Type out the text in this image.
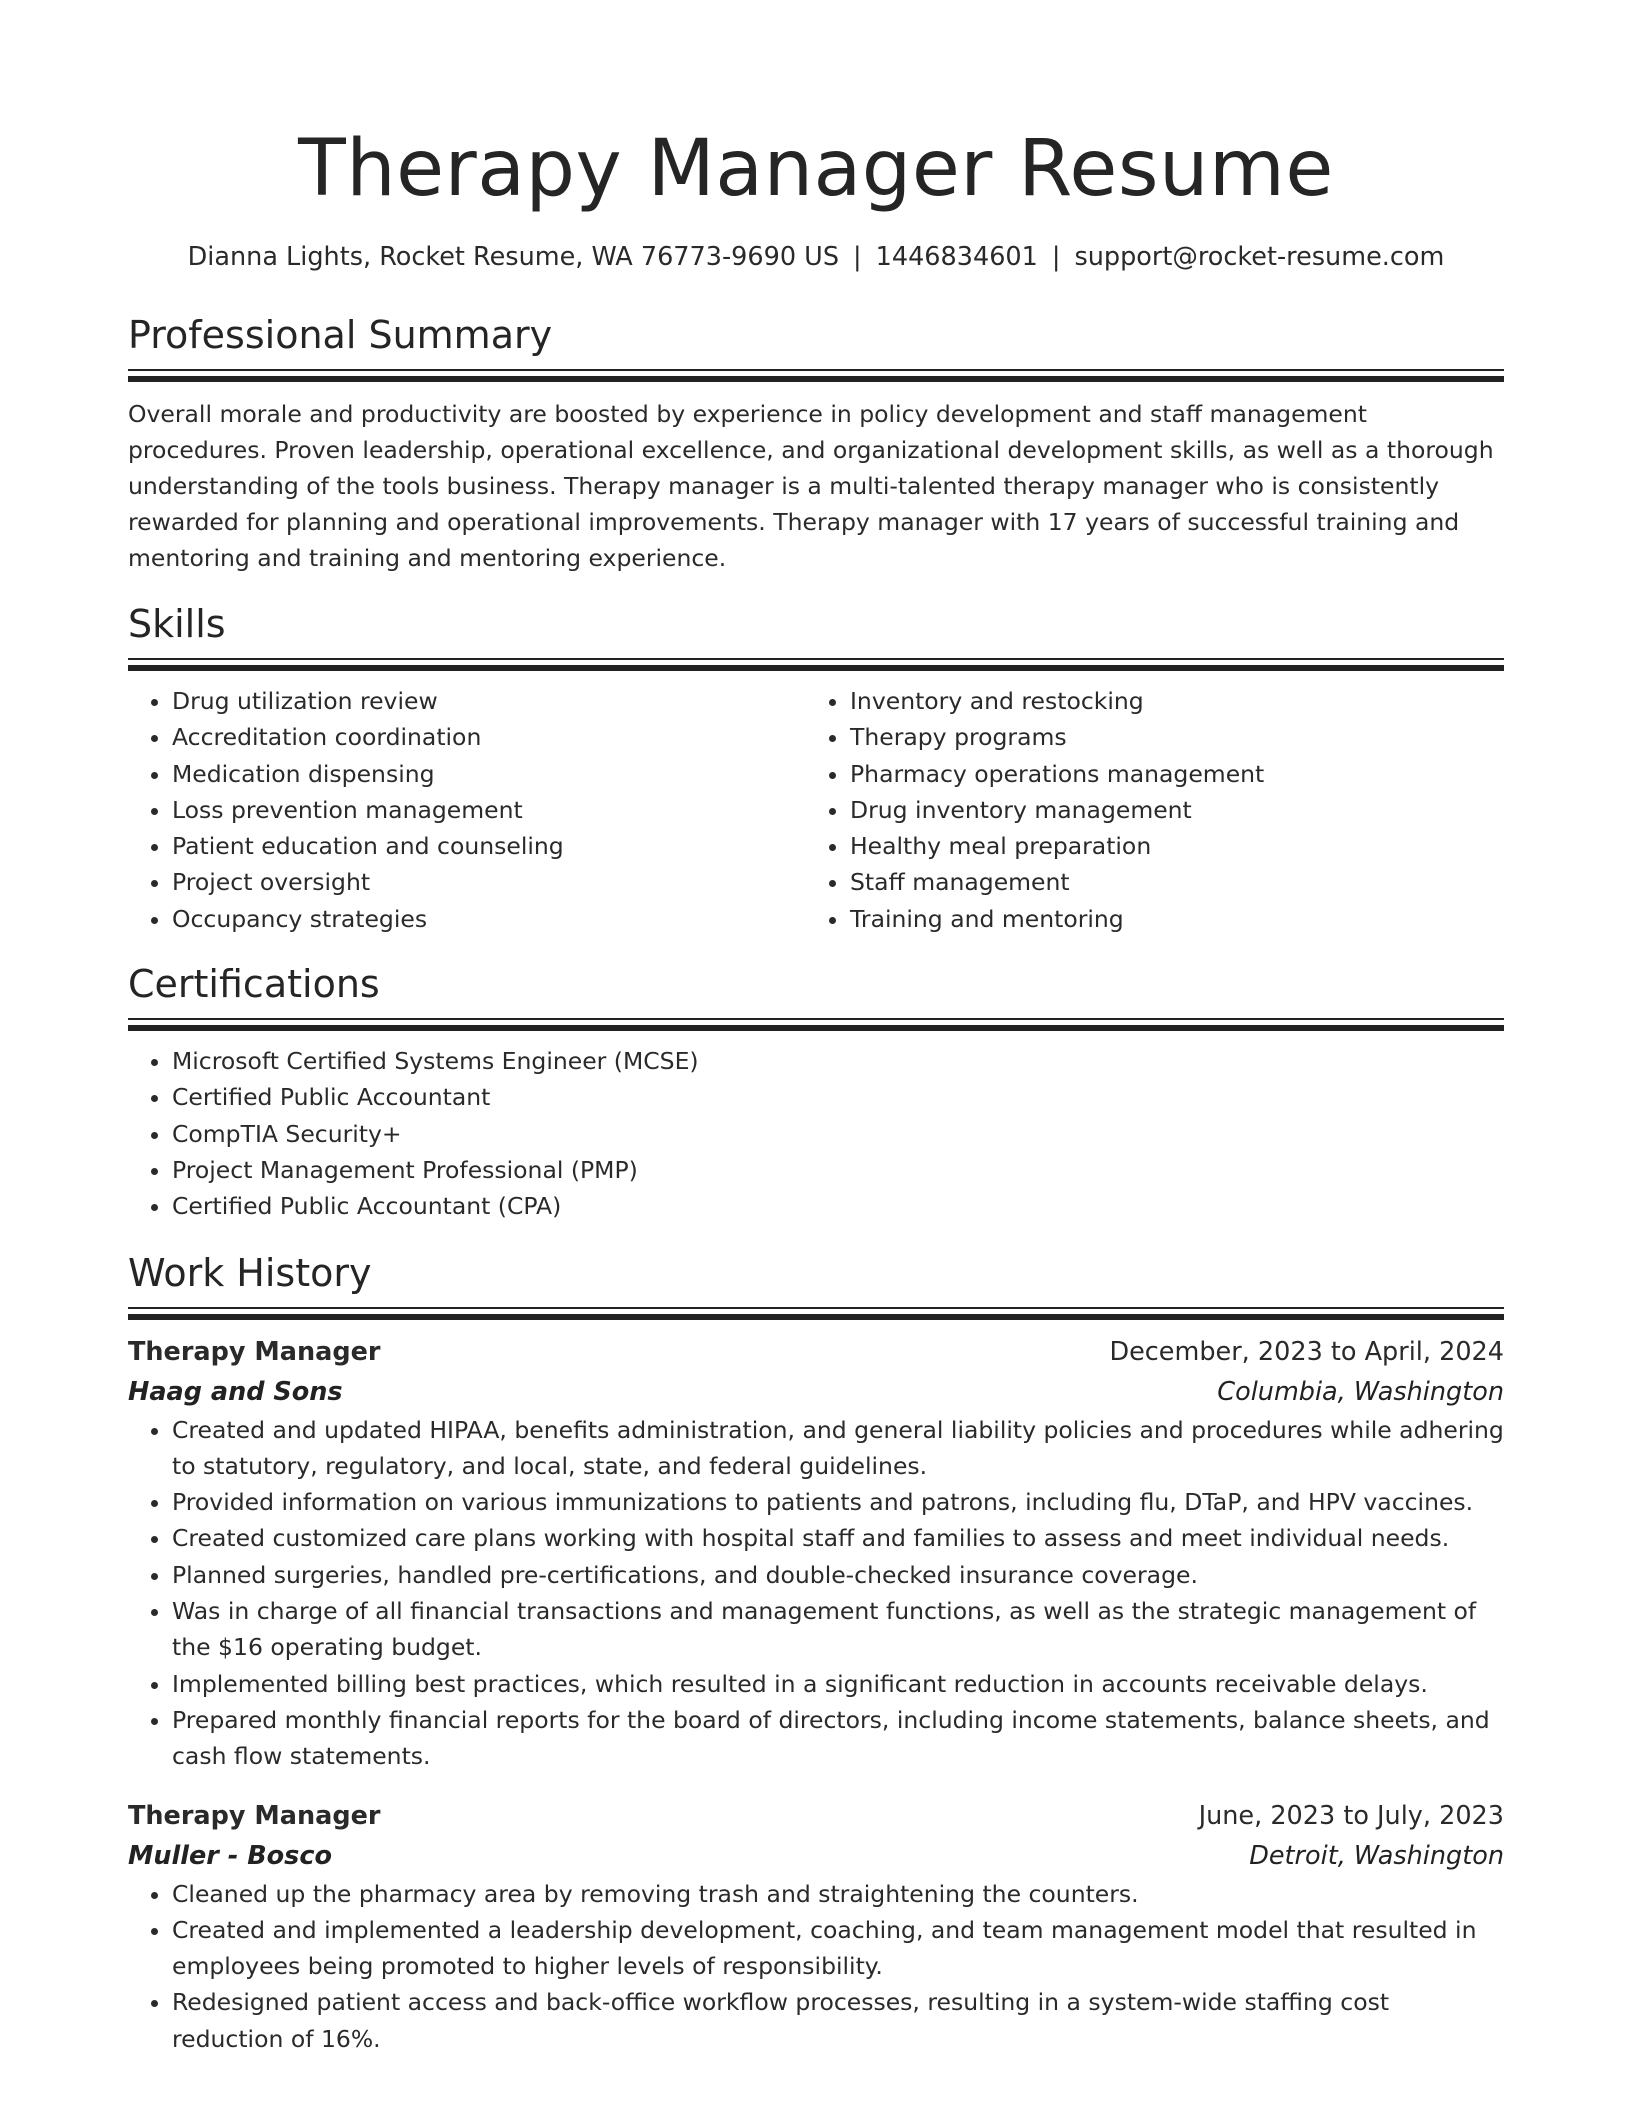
Therapy Manager Resume
Dianna Lights, Rocket Resume, WA 76773-9690 US | 1446834601 | support@rocket-resume.com
Professional Summary
Overall morale and productivity are boosted by experience in policy development and staff management procedures. Proven leadership, operational excellence, and organizational development skills, as well as a thorough understanding of the tools business. Therapy manager is a multi-talented therapy manager who is consistently rewarded for planning and operational improvements. Therapy manager with 17 years of successful training and mentoring and training and mentoring experience.
Skills
• Drug utilization review
• Accreditation coordination
• Medication dispensing
• Loss prevention management
• Patient education and counseling
• Project oversight
• Occupancy strategies
• Inventory and restocking
• Therapy programs
• Pharmacy operations management
• Drug inventory management
• Healthy meal preparation
• Staff management
• Training and mentoring
Certifications
• Microsoft Certified Systems Engineer (MCSE)
• Certified Public Accountant
• CompTIA Security+
• Project Management Professional (PMP)
• Certified Public Accountant (CPA)
Work History
Therapy Manager	December, 2023 to April, 2024
Haag and Sons	Columbia, Washington
• Created and updated HIPAA, benefits administration, and general liability policies and procedures while adhering to statutory, regulatory, and local, state, and federal guidelines.
• Provided information on various immunizations to patients and patrons, including flu, DTaP, and HPV vaccines.
• Created customized care plans working with hospital staff and families to assess and meet individual needs.
• Planned surgeries, handled pre-certifications, and double-checked insurance coverage.
• Was in charge of all financial transactions and management functions, as well as the strategic management of the $16 operating budget.
• Implemented billing best practices, which resulted in a significant reduction in accounts receivable delays.
• Prepared monthly financial reports for the board of directors, including income statements, balance sheets, and cash flow statements.
Therapy Manager	June, 2023 to July, 2023
Muller - Bosco	Detroit, Washington
• Cleaned up the pharmacy area by removing trash and straightening the counters.
• Created and implemented a leadership development, coaching, and team management model that resulted in employees being promoted to higher levels of responsibility.
• Redesigned patient access and back-office workflow processes, resulting in a system-wide staffing cost reduction of 16%.
